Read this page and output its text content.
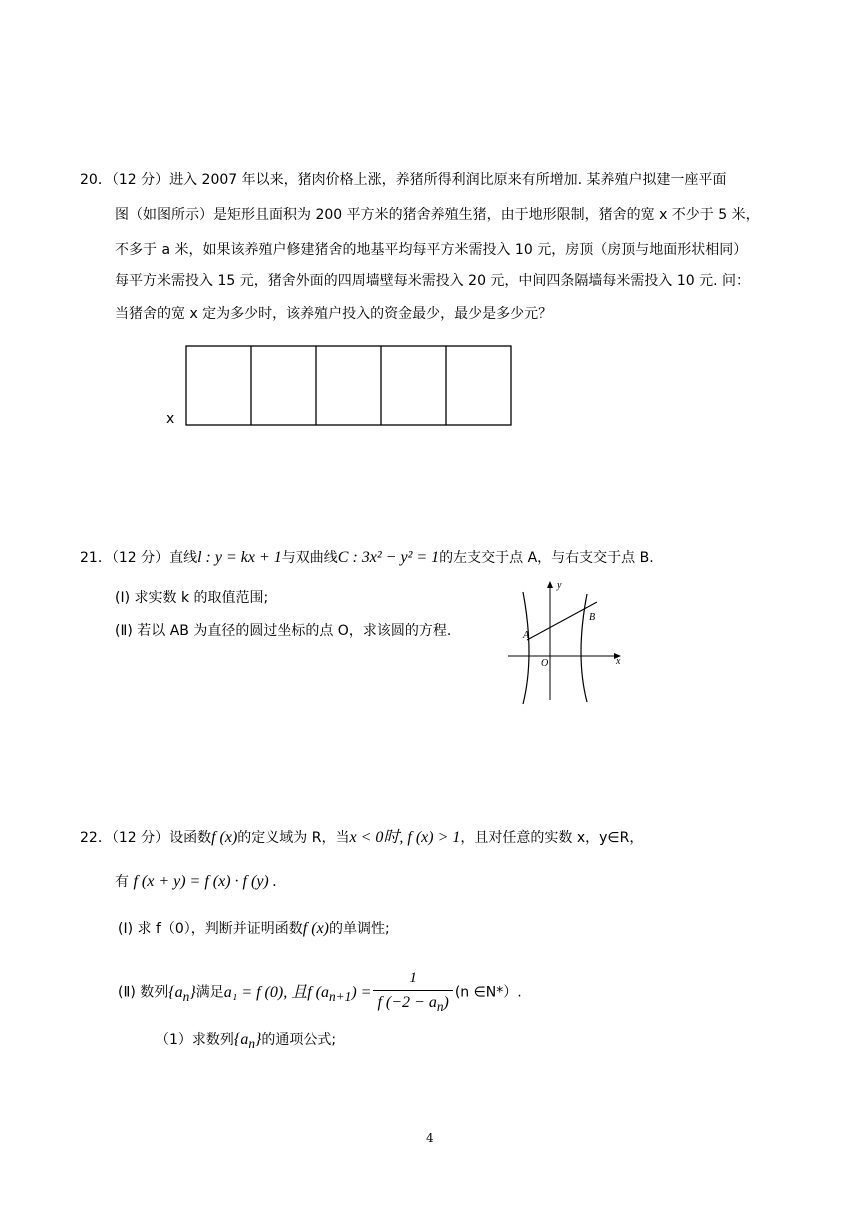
20．（12 分）进入 2007 年以来，猪肉价格上涨，养猪所得利润比原来有所增加. 某养殖户拟建一座平面
图（如图所示）是矩形且面积为 200 平方米的猪舍养殖生猪，由于地形限制，猪舍的宽 x 不少于 5 米，
不多于 a 米，如果该养殖户修建猪舍的地基平均每平方米需投入 10 元，房顶（房顶与地面形状相同）
每平方米需投入 15 元，猪舍外面的四周墙壁每米需投入 20 元，中间四条隔墙每米需投入 10 元. 问：
当猪舍的宽 x 定为多少时，该养殖户投入的资金最少，最少是多少元？
x
21．（12 分）直线l : y = kx + 1与双曲线C : 3x² − y² = 1的左支交于点 A，与右支交于点 B.
(Ⅰ) 求实数 k 的取值范围;
(Ⅱ) 若以 AB 为直径的圆过坐标的点 O，求该圆的方程.
y
x
O
A
B
22．（12 分）设函数f (x)的定义域为 R，当x < 0时, f (x) > 1，且对任意的实数 x，y∈R，
有 f (x + y) = f (x) · f (y) .
(Ⅰ) 求 f（0），判断并证明函数f (x)的单调性;
(Ⅱ) 数列$\{a_n\}$满足a₁ = f (0), 且f $(a_{n+1}) = \frac{1}{f (-2 - a_n)} (n$ ∈N*）.
（1）求数列$\{a_n\}$的通项公式;
4
